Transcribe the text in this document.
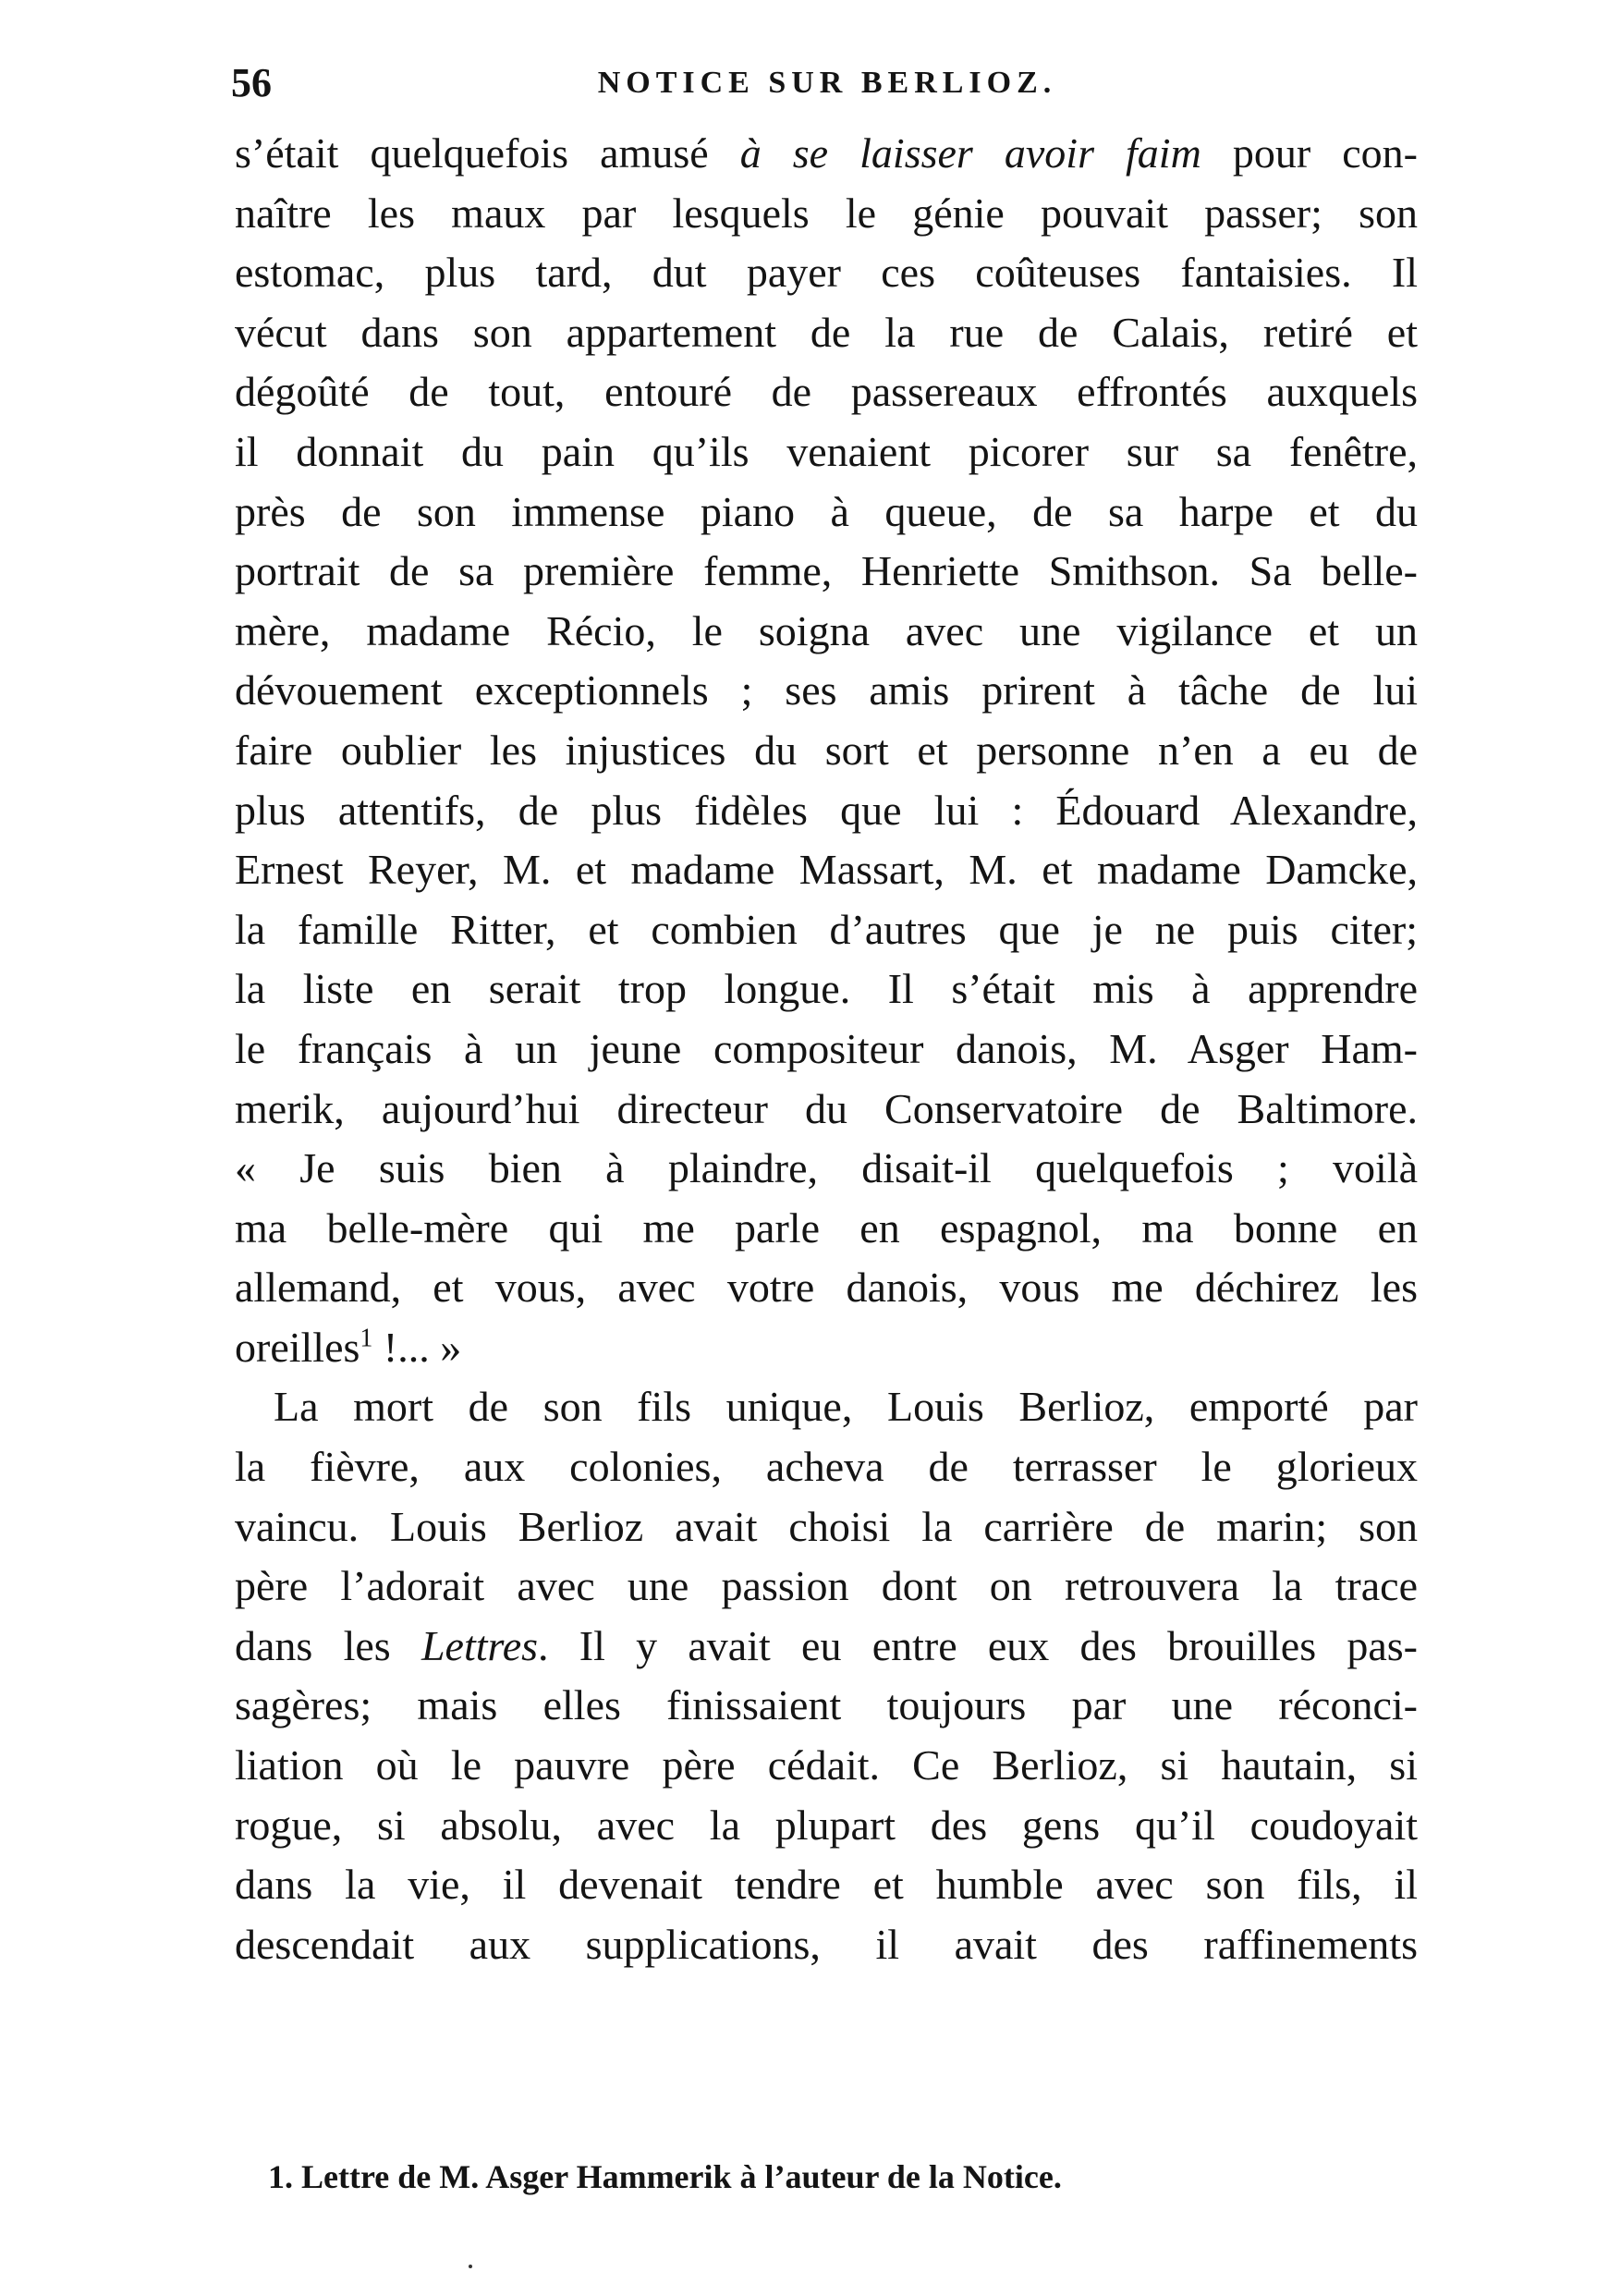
56	NOTICE SUR BERLIOZ.
s’était quelquefois amusé à se laisser avoir faim pour con-
naître les maux par lesquels le génie pouvait passer; son
estomac, plus tard, dut payer ces coûteuses fantaisies. Il
vécut dans son appartement de la rue de Calais, retiré et
dégoûté de tout, entouré de passereaux effrontés auxquels
il donnait du pain qu’ils venaient picorer sur sa fenêtre,
près de son immense piano à queue, de sa harpe et du
portrait de sa première femme, Henriette Smithson. Sa belle-
mère, madame Récio, le soigna avec une vigilance et un
dévouement exceptionnels ; ses amis prirent à tâche de lui
faire oublier les injustices du sort et personne n’en a eu de
plus attentifs, de plus fidèles que lui : Édouard Alexandre,
Ernest Reyer, M. et madame Massart, M. et madame Damcke,
la famille Ritter, et combien d’autres que je ne puis citer;
la liste en serait trop longue. Il s’était mis à apprendre
le français à un jeune compositeur danois, M. Asger Ham-
merik, aujourd’hui directeur du Conservatoire de Baltimore.
« Je suis bien à plaindre, disait-il quelquefois ; voilà
ma belle-mère qui me parle en espagnol, ma bonne en
allemand, et vous, avec votre danois, vous me déchirez les
oreilles$^1$ !... »
La mort de son fils unique, Louis Berlioz, emporté par
la fièvre, aux colonies, acheva de terrasser le glorieux
vaincu. Louis Berlioz avait choisi la carrière de marin; son
père l’adorait avec une passion dont on retrouvera la trace
dans les Lettres. Il y avait eu entre eux des brouilles pas-
sagères; mais elles finissaient toujours par une réconci-
liation où le pauvre père cédait. Ce Berlioz, si hautain, si
rogue, si absolu, avec la plupart des gens qu’il coudoyait
dans la vie, il devenait tendre et humble avec son fils, il
descendait aux supplications, il avait des raffinements
1. Lettre de M. Asger Hammerik à l’auteur de la Notice.
